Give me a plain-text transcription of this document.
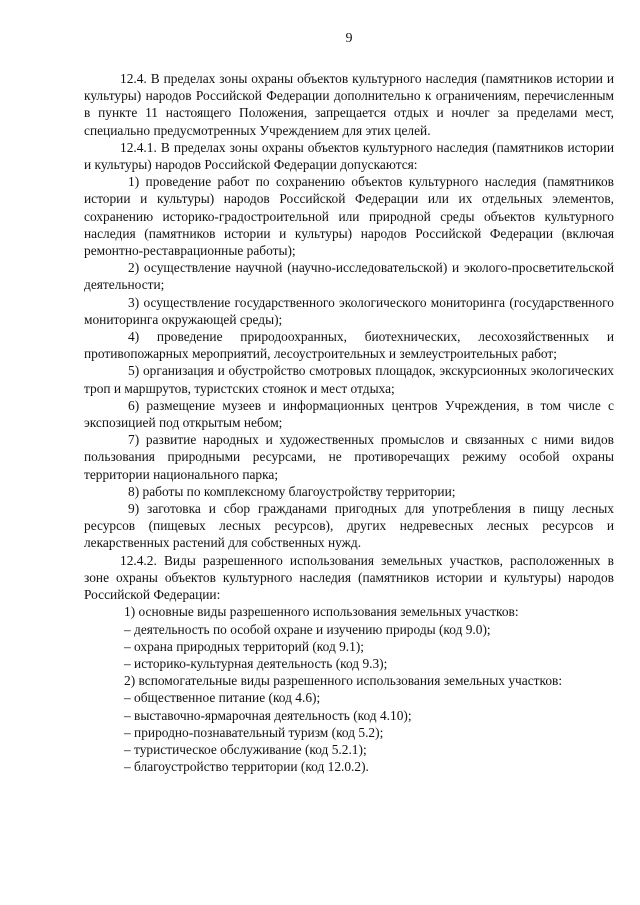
9

12.4. В пределах зоны охраны объектов культурного наследия (памятников истории и культуры) народов Российской Федерации дополнительно к ограничениям, перечисленным в пункте 11 настоящего Положения, запрещается отдых и ночлег за пределами мест, специально предусмотренных Учреждением для этих целей.

12.4.1. В пределах зоны охраны объектов культурного наследия (памятников истории и культуры) народов Российской Федерации допускаются:

1) проведение работ по сохранению объектов культурного наследия (памятников истории и культуры) народов Российской Федерации или их отдельных элементов, сохранению историко-градостроительной или природной среды объектов культурного наследия (памятников истории и культуры) народов Российской Федерации (включая ремонтно-реставрационные работы);

2) осуществление научной (научно-исследовательской) и эколого-просветительской деятельности;

3) осуществление государственного экологического мониторинга (государственного мониторинга окружающей среды);

4) проведение природоохранных, биотехнических, лесохозяйственных и противопожарных мероприятий, лесоустроительных и землеустроительных работ;

5) организация и обустройство смотровых площадок, экскурсионных экологических троп и маршрутов, туристских стоянок и мест отдыха;

6) размещение музеев и информационных центров Учреждения, в том числе с экспозицией под открытым небом;

7) развитие народных и художественных промыслов и связанных с ними видов пользования природными ресурсами, не противоречащих режиму особой охраны территории национального парка;

8) работы по комплексному благоустройству территории;

9) заготовка и сбор гражданами пригодных для употребления в пищу лесных ресурсов (пищевых лесных ресурсов), других недревесных лесных ресурсов и лекарственных растений для собственных нужд.

12.4.2. Виды разрешенного использования земельных участков, расположенных в зоне охраны объектов культурного наследия (памятников истории и культуры) народов Российской Федерации:

1) основные виды разрешенного использования земельных участков:

– деятельность по особой охране и изучению природы (код 9.0);

– охрана природных территорий (код 9.1);

– историко-культурная деятельность (код 9.3);

2) вспомогательные виды разрешенного использования земельных участков:

– общественное питание (код 4.6);

– выставочно-ярмарочная деятельность (код 4.10);

– природно-познавательный туризм (код 5.2);

– туристическое обслуживание (код 5.2.1);

– благоустройство территории (код 12.0.2).
